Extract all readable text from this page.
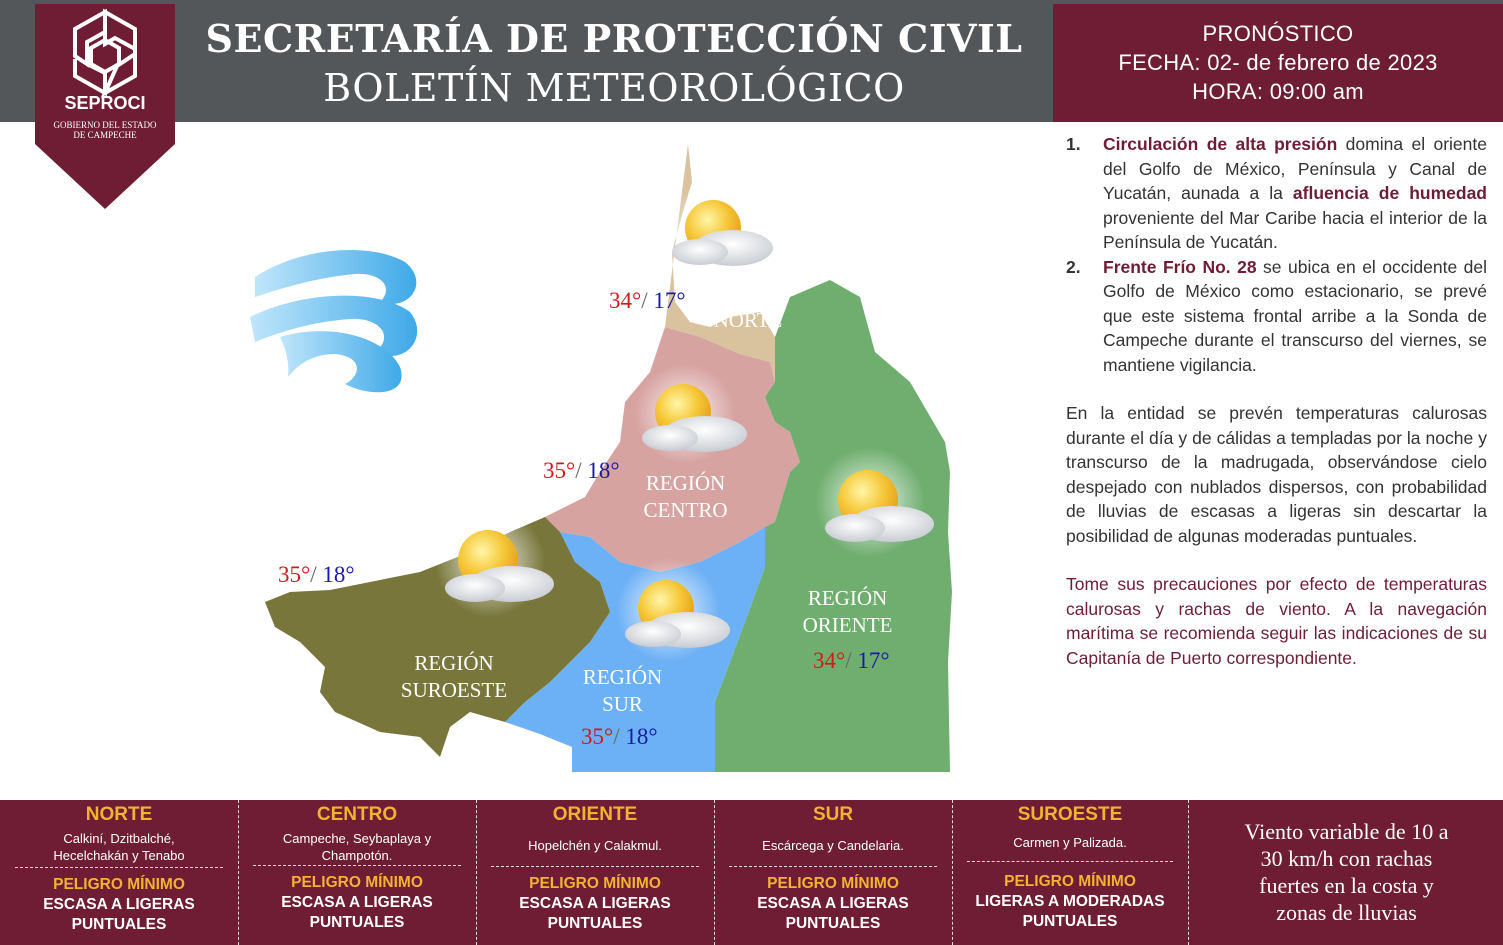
SECRETARÍA DE PROTECCIÓN CIVIL
BOLETÍN METEOROLÓGICO
PRONÓSTICO
FECHA: 02- de febrero de 2023
HORA: 09:00 am
SEPROCI
GOBIERNO DEL ESTADO
DE CAMPECHE
REGIÓN
NORTE
REGIÓN
CENTRO
REGIÓN
ORIENTE
REGIÓN
SUR
REGIÓN
SUROESTE
34°/ 17°
35°/ 18°
34°/ 17°
35°/ 18°
35°/ 18°
1. Circulación de alta presión domina el oriente del Golfo de México, Península y Canal de Yucatán, aunada a la afluencia de humedad proveniente del Mar Caribe hacia el interior de la Península de Yucatán.
2. Frente Frío No. 28 se ubica en el occidente del Golfo de México como estacionario, se prevé que este sistema frontal arribe a la Sonda de Campeche durante el transcurso del viernes, se mantiene vigilancia.
En la entidad se prevén temperaturas calurosas durante el día y de cálidas a templadas por la noche y transcurso de la madrugada, observándose cielo despejado con nublados dispersos, con probabilidad de lluvias de escasas a ligeras sin descartar la posibilidad de algunas moderadas puntuales.
Tome sus precauciones por efecto de temperaturas calurosas y rachas de viento. A la navegación marítima se recomienda seguir las indicaciones de su Capitanía de Puerto correspondiente.
NORTE
Calkiní, Dzitbalché,
Hecelchakán y Tenabo
PELIGRO MÍNIMO
ESCASA A LIGERAS
PUNTUALES
CENTRO
Campeche, Seybaplaya y
Champotón.
PELIGRO MÍNIMO
ESCASA A LIGERAS
PUNTUALES
ORIENTE
Hopelchén y Calakmul.
PELIGRO MÍNIMO
ESCASA A LIGERAS
PUNTUALES
SUR
Escárcega y Candelaria.
PELIGRO MÍNIMO
ESCASA A LIGERAS
PUNTUALES
SUROESTE
Carmen y Palizada.
PELIGRO MÍNIMO
LIGERAS A MODERADAS
PUNTUALES
Viento variable de 10 a
30 km/h con rachas
fuertes en la costa y
zonas de lluvias
